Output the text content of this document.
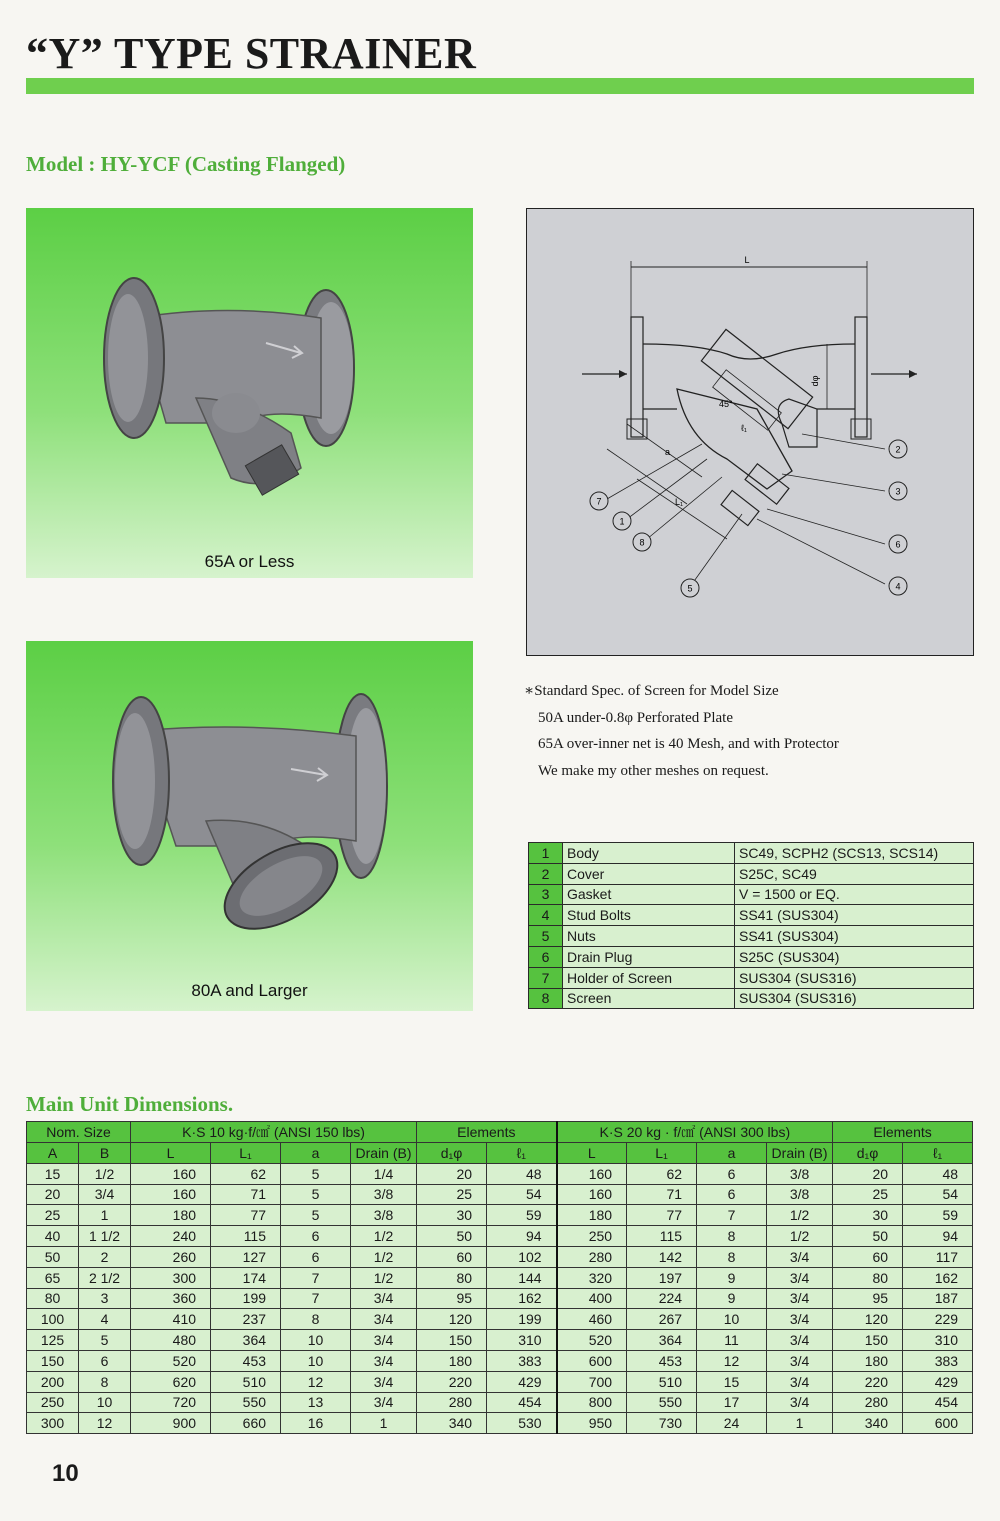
“Y” TYPE STRAINER
Model : HY-YCF (Casting Flanged)
65A or Less
80A and Larger
L
dφ
45°
ℓ₁
a
L₁
2
3
6
4
7
1
8
5
∗Standard Spec. of Screen for Model Size
50A under-0.8φ Perforated Plate
65A over-inner net is 40 Mesh, and with Protector
We make my other meshes on request.
1	Body	SC49, SCPH2 (SCS13, SCS14)
2	Cover	S25C, SC49
3	Gasket	V = 1500 or EQ.
4	Stud Bolts	SS41 (SUS304)
5	Nuts	SS41 (SUS304)
6	Drain Plug	S25C (SUS304)
7	Holder of Screen	SUS304 (SUS316)
8	Screen	SUS304 (SUS316)
Main Unit Dimensions.
Nom. Size		K·S 10 kg·f/㎠ (ANSI 150 lbs)				Elements		K·S 20 kg · f/㎠ (ANSI 300 lbs)				Elements	
A	B	L	L₁	a	Drain (B)	d₁φ	ℓ₁	L	L₁	a	Drain (B)	d₁φ	ℓ₁
15	1/2	160	62	5	1/4	20	48	160	62	6	3/8	20	48
20	3/4	160	71	5	3/8	25	54	160	71	6	3/8	25	54
25	1	180	77	5	3/8	30	59	180	77	7	1/2	30	59
40	1 1/2	240	115	6	1/2	50	94	250	115	8	1/2	50	94
50	2	260	127	6	1/2	60	102	280	142	8	3/4	60	117
65	2 1/2	300	174	7	1/2	80	144	320	197	9	3/4	80	162
80	3	360	199	7	3/4	95	162	400	224	9	3/4	95	187
100	4	410	237	8	3/4	120	199	460	267	10	3/4	120	229
125	5	480	364	10	3/4	150	310	520	364	11	3/4	150	310
150	6	520	453	10	3/4	180	383	600	453	12	3/4	180	383
200	8	620	510	12	3/4	220	429	700	510	15	3/4	220	429
250	10	720	550	13	3/4	280	454	800	550	17	3/4	280	454
300	12	900	660	16	1	340	530	950	730	24	1	340	600
10
